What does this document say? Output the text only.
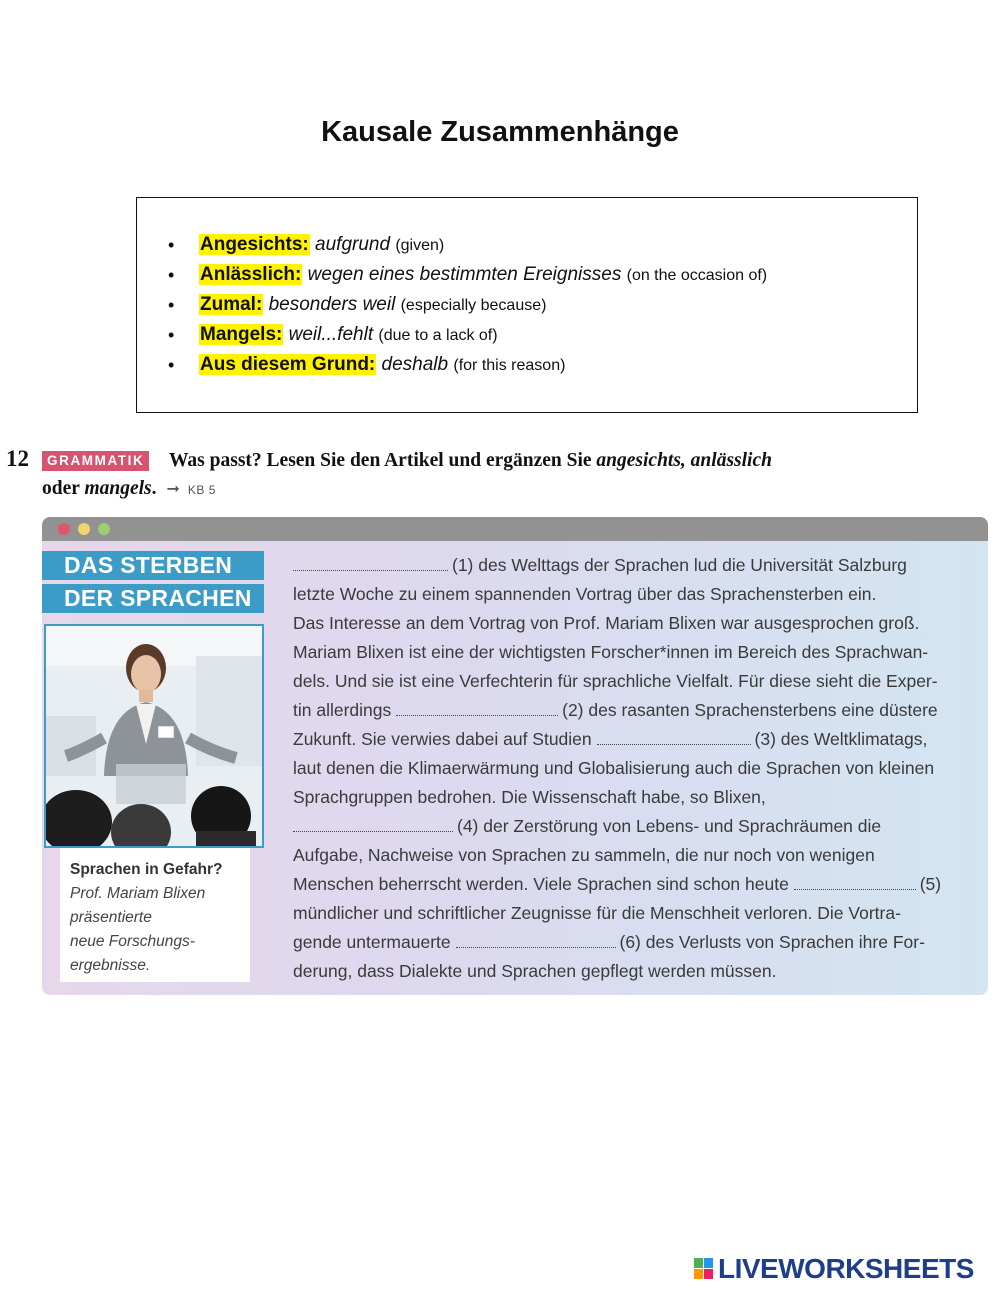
Kausale Zusammenhänge
• Angesichts: aufgrund (given)
• Anlässlich: wegen eines bestimmten Ereignisses (on the occasion of)
• Zumal: besonders weil (especially because)
• Mangels: weil...fehlt (due to a lack of)
• Aus diesem Grund: deshalb (for this reason)
12	GRAMMATIK Was passt? Lesen Sie den Artikel und ergänzen Sie angesichts, anlässlich
oder mangels. ➞ KB 5
DAS STERBEN
DER SPRACHEN
Sprachen in Gefahr?
Prof. Mariam Blixen
präsentierte
neue Forschungs-
ergebnisse.
(1) des Welttags der Sprachen lud die Universität Salzburg
letzte Woche zu einem spannenden Vortrag über das Sprachensterben ein.
Das Interesse an dem Vortrag von Prof. Mariam Blixen war ausgesprochen groß.
Mariam Blixen ist eine der wichtigsten Forscher*innen im Bereich des Sprachwan-
dels. Und sie ist eine Verfechterin für sprachliche Vielfalt. Für diese sieht die Exper-
tin allerdings	(2) des rasanten Sprachensterbens eine düstere
Zukunft. Sie verwies dabei auf Studien	(3) des Weltklimatags,
laut denen die Klimaerwärmung und Globalisierung auch die Sprachen von kleinen
Sprachgruppen bedrohen. Die Wissenschaft habe, so Blixen,
(4) der Zerstörung von Lebens- und Sprachräumen die
Aufgabe, Nachweise von Sprachen zu sammeln, die nur noch von wenigen
Menschen beherrscht werden. Viele Sprachen sind schon heute	(5)
mündlicher und schriftlicher Zeugnisse für die Menschheit verloren. Die Vortra-
gende untermauerte	(6) des Verlusts von Sprachen ihre For-
derung, dass Dialekte und Sprachen gepflegt werden müssen.
LIVEWORKSHEETS
